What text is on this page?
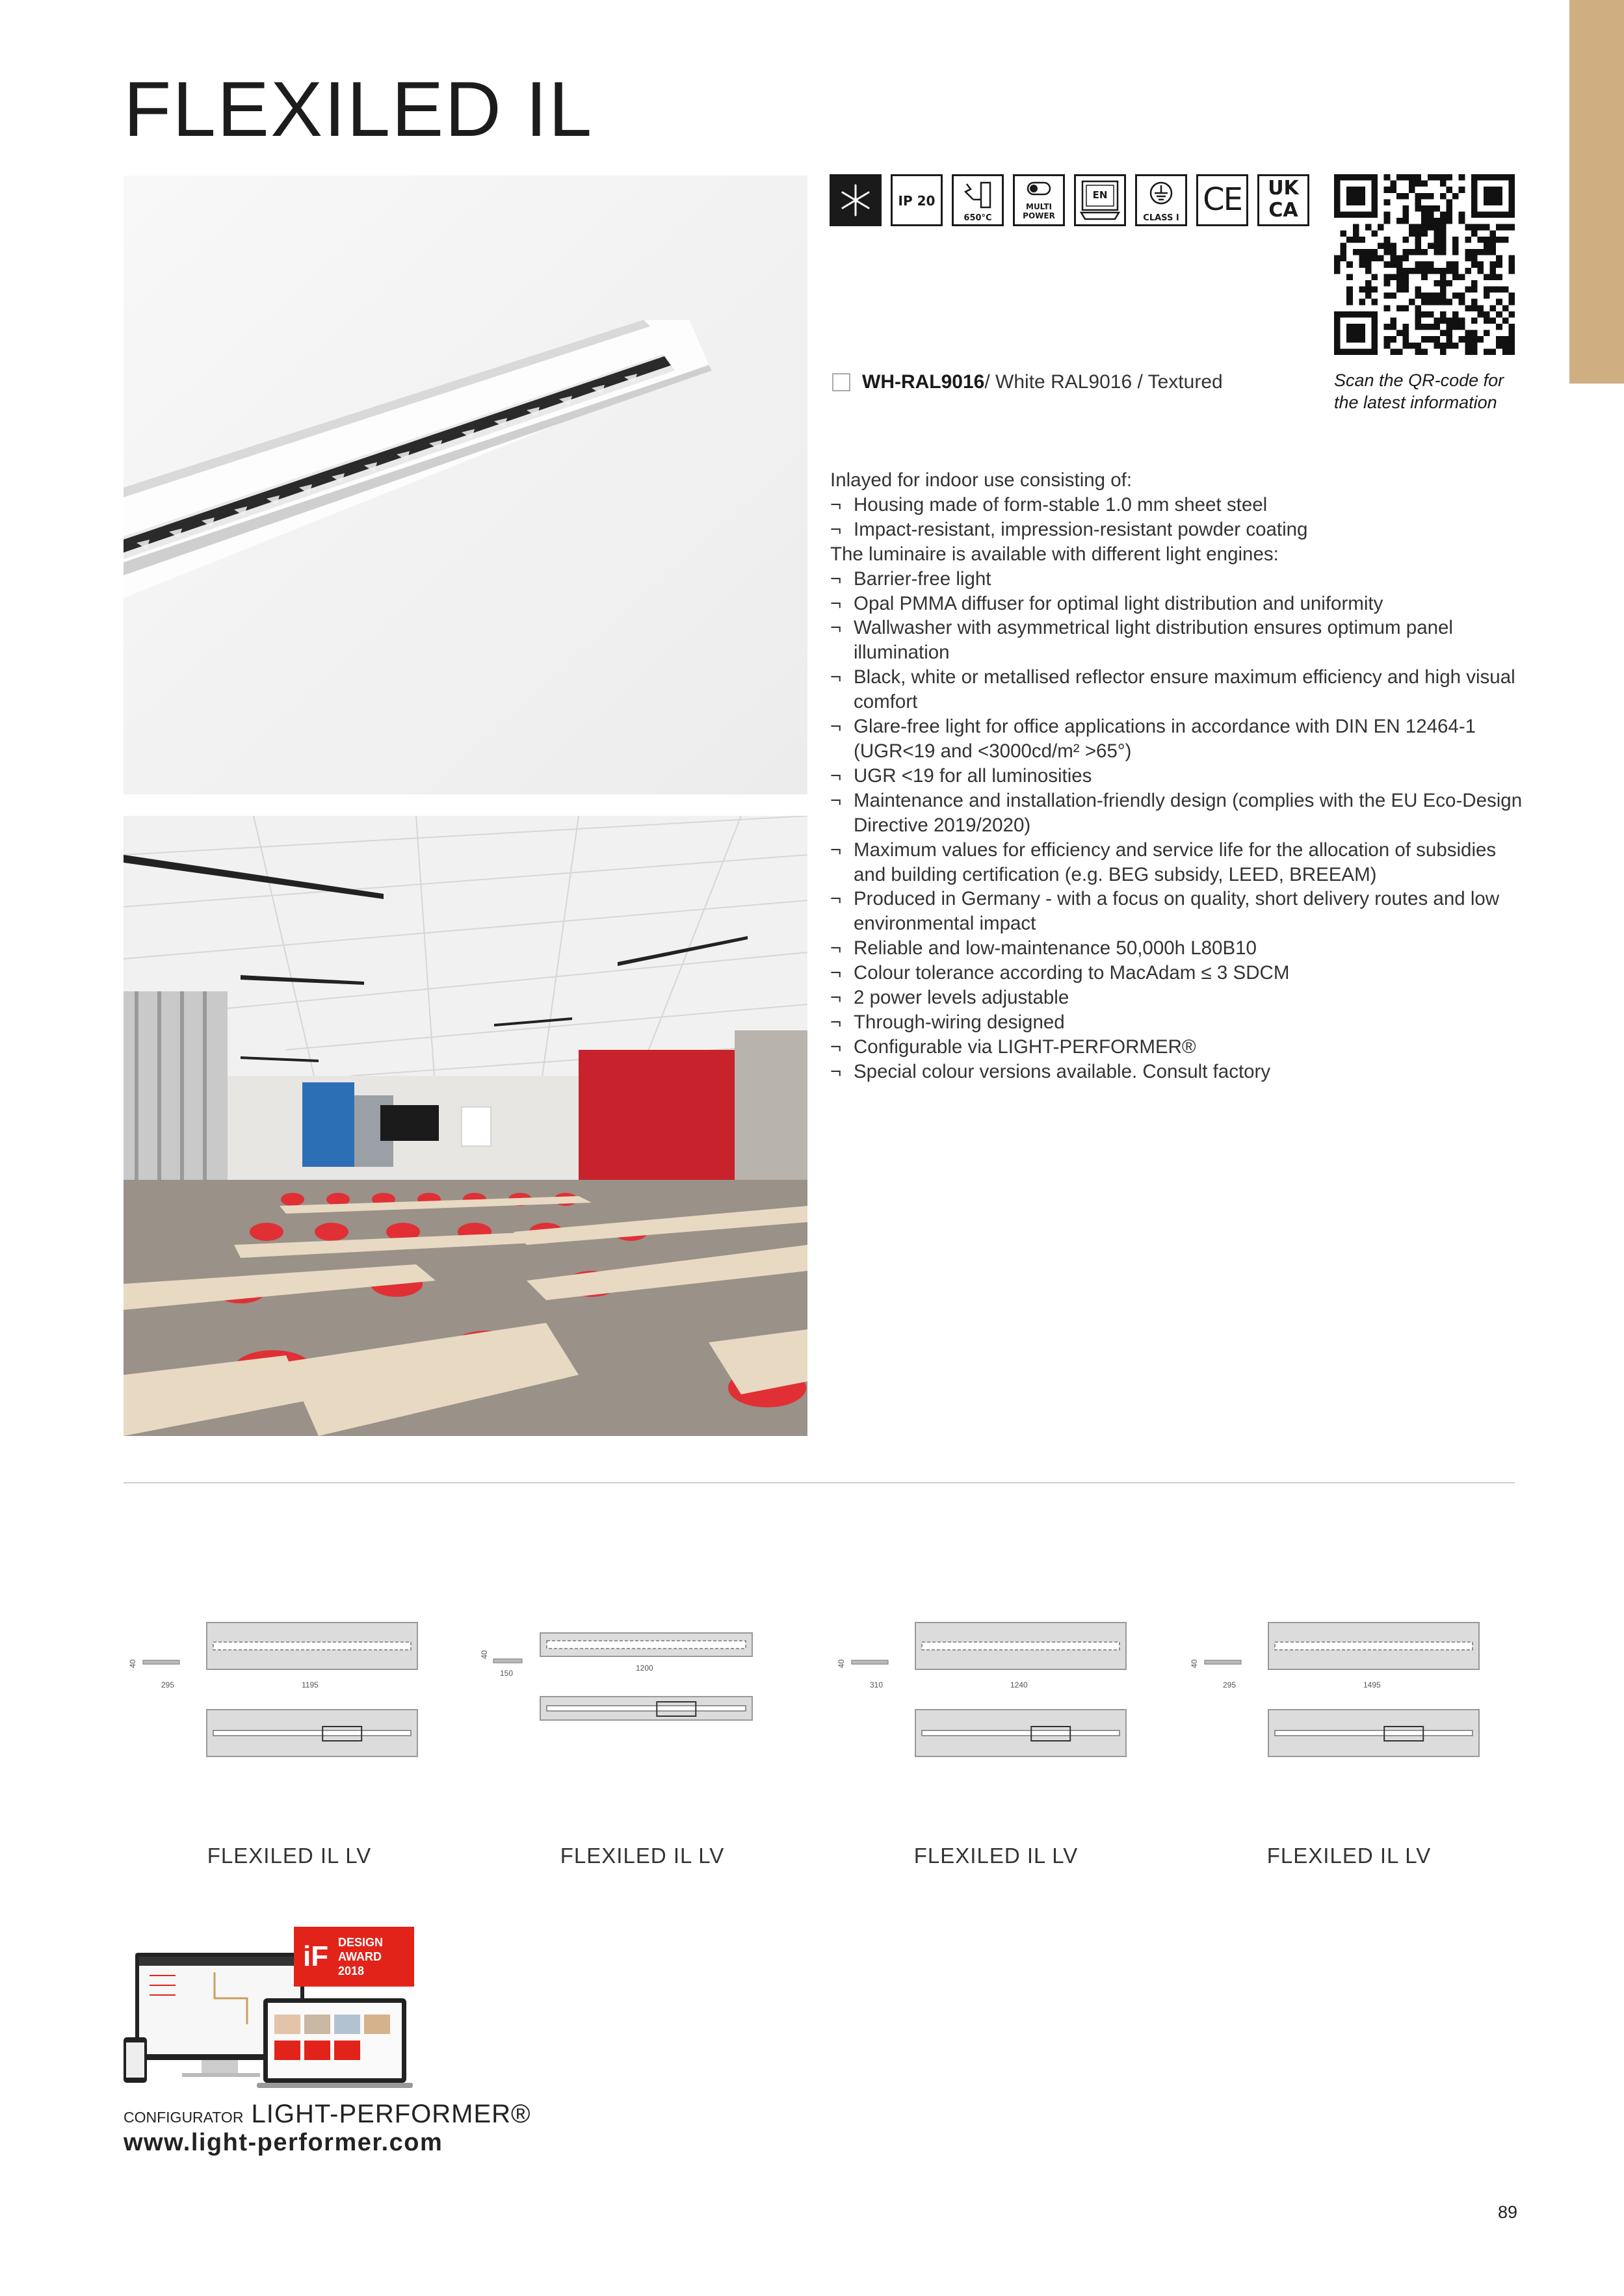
FLEXILED IL
IP 20
650°C
MULTI POWER
EN
CLASS I
CE	UK CA
Scan the QR-code for the latest information
WH-RAL9016 / White RAL9016 / Textured
Inlayed for indoor use consisting of:
¬ Housing made of form-stable 1.0 mm sheet steel
¬ Impact-resistant, impression-resistant powder coating
The luminaire is available with different light engines:
¬ Barrier-free light
¬ Opal PMMA diffuser for optimal light distribution and uniformity
¬ Wallwasher with asymmetrical light distribution ensures optimum panel illumination
¬ Black, white or metallised reflector ensure maximum efficiency and high visual comfort
¬ Glare-free light for office applications in accordance with DIN EN 12464-1 (UGR<19 and <3000cd/m² >65°)
¬ UGR <19 for all luminosities
¬ Maintenance and installation-friendly design (complies with the EU Eco-Design Directive 2019/2020)
¬ Maximum values for efficiency and service life for the allocation of subsidies and building certification (e.g. BEG subsidy, LEED, BREEAM)
¬ Produced in Germany - with a focus on quality, short delivery routes and low environmental impact
¬ Reliable and low-maintenance 50,000h L80B10
¬ Colour tolerance according to MacAdam ≤ 3 SDCM
¬ 2 power levels adjustable
¬ Through-wiring designed
¬ Configurable via LIGHT-PERFORMER®
¬ Special colour versions available. Consult factory
40
295	1195
FLEXILED IL LV
40
150
1200
FLEXILED IL LV
40
310	1240
FLEXILED IL LV
40
295	1495
FLEXILED IL LV
iF DESIGN
AWARD
2018
CONFIGURATOR LIGHT-PERFORMER®
www.light-performer.com
89
